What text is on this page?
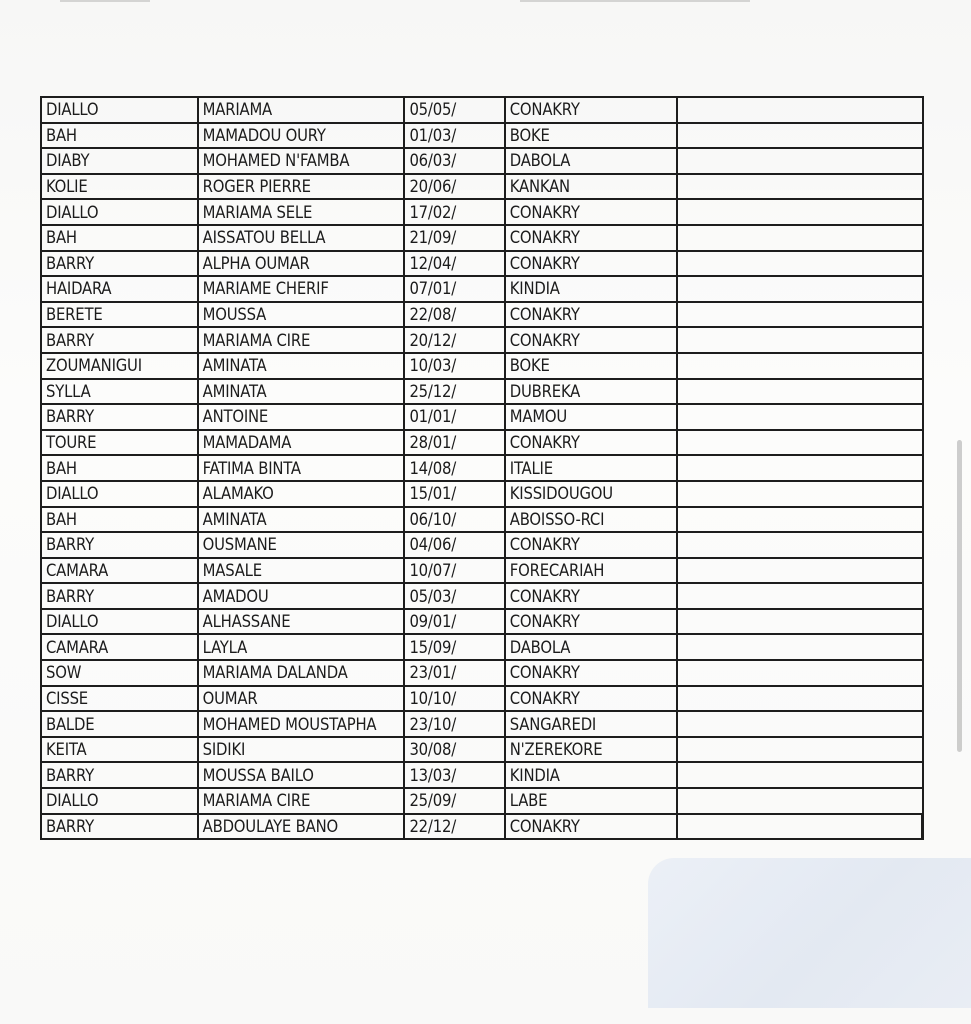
DIALLO	MARIAMA	05/05/	CONAKRY	
BAH	MAMADOU OURY	01/03/	BOKE	
DIABY	MOHAMED N'FAMBA	06/03/	DABOLA	
KOLIE	ROGER PIERRE	20/06/	KANKAN	
DIALLO	MARIAMA SELE	17/02/	CONAKRY	
BAH	AISSATOU BELLA	21/09/	CONAKRY	
BARRY	ALPHA OUMAR	12/04/	CONAKRY	
HAIDARA	MARIAME CHERIF	07/01/	KINDIA	
BERETE	MOUSSA	22/08/	CONAKRY	
BARRY	MARIAMA CIRE	20/12/	CONAKRY	
ZOUMANIGUI	AMINATA	10/03/	BOKE	
SYLLA	AMINATA	25/12/	DUBREKA	
BARRY	ANTOINE	01/01/	MAMOU	
TOURE	MAMADAMA	28/01/	CONAKRY	
BAH	FATIMA BINTA	14/08/	ITALIE	
DIALLO	ALAMAKO	15/01/	KISSIDOUGOU	
BAH	AMINATA	06/10/	ABOISSO-RCI	
BARRY	OUSMANE	04/06/	CONAKRY	
CAMARA	MASALE	10/07/	FORECARIAH	
BARRY	AMADOU	05/03/	CONAKRY	
DIALLO	ALHASSANE	09/01/	CONAKRY	
CAMARA	LAYLA	15/09/	DABOLA	
SOW	MARIAMA DALANDA	23/01/	CONAKRY	
CISSE	OUMAR	10/10/	CONAKRY	
BALDE	MOHAMED MOUSTAPHA	23/10/	SANGAREDI	
KEITA	SIDIKI	30/08/	N'ZEREKORE	
BARRY	MOUSSA BAILO	13/03/	KINDIA	
DIALLO	MARIAMA CIRE	25/09/	LABE	
BARRY	ABDOULAYE BANO	22/12/	CONAKRY	
